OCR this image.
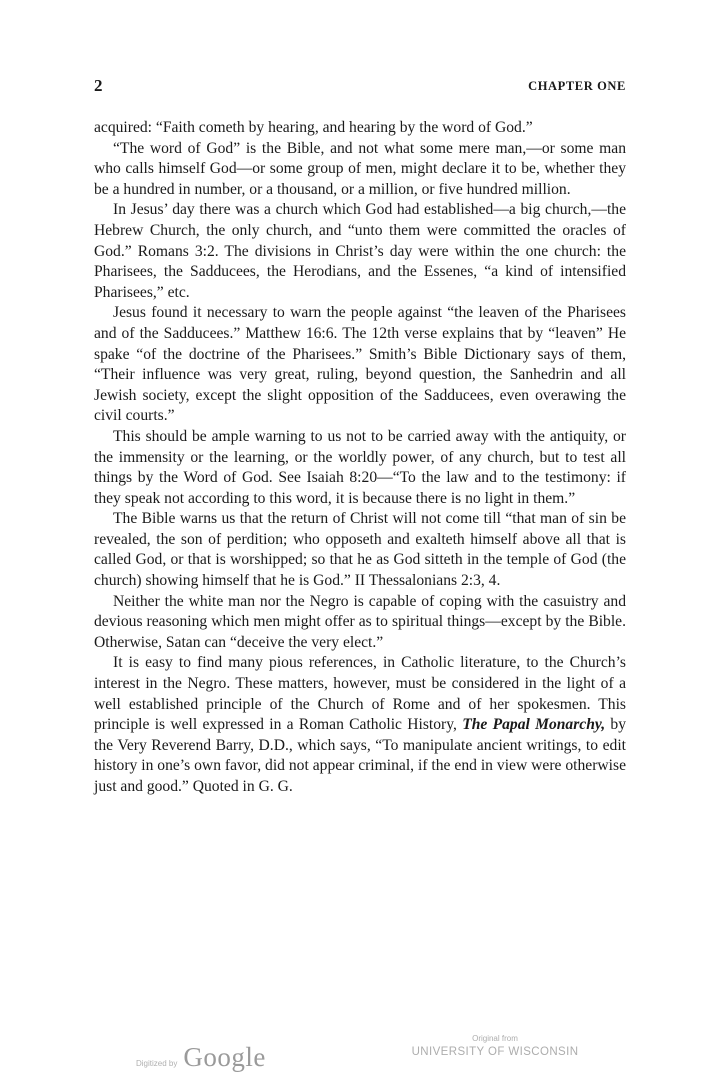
2	CHAPTER ONE

acquired: “Faith cometh by hearing, and hearing by the word of God.”

“The word of God” is the Bible, and not what some mere man,—or some man who calls himself God—or some group of men, might declare it to be, whether they be a hundred in number, or a thousand, or a million, or five hundred million.

In Jesus’ day there was a church which God had established—a big church,—the Hebrew Church, the only church, and “unto them were committed the oracles of God.” Romans 3:2. The divisions in Christ’s day were within the one church: the Pharisees, the Sadducees, the Herodians, and the Essenes, “a kind of intensified Pharisees,” etc.

Jesus found it necessary to warn the people against “the leaven of the Pharisees and of the Sadducees.” Matthew 16:6. The 12th verse explains that by “leaven” He spake “of the doctrine of the Pharisees.” Smith’s Bible Dictionary says of them, “Their influence was very great, ruling, beyond question, the Sanhedrin and all Jewish society, except the slight opposition of the Sadducees, even overawing the civil courts.”

This should be ample warning to us not to be carried away with the antiquity, or the immensity or the learning, or the worldly power, of any church, but to test all things by the Word of God. See Isaiah 8:20—“To the law and to the testimony: if they speak not according to this word, it is because there is no light in them.”

The Bible warns us that the return of Christ will not come till “that man of sin be revealed, the son of perdition; who opposeth and exalteth himself above all that is called God, or that is worshipped; so that he as God sitteth in the temple of God (the church) showing himself that he is God.” II Thessalonians 2:3, 4.

Neither the white man nor the Negro is capable of coping with the casuistry and devious reasoning which men might offer as to spiritual things—except by the Bible. Otherwise, Satan can “deceive the very elect.”

It is easy to find many pious references, in Catholic literature, to the Church’s interest in the Negro. These matters, however, must be considered in the light of a well established principle of the Church of Rome and of her spokesmen. This principle is well expressed in a Roman Catholic History, The Papal Monarchy, by the Very Reverend Barry, D.D., which says, “To manipulate ancient writings, to edit history in one’s own favor, did not appear criminal, if the end in view were otherwise just and good.” Quoted in G. G.

Digitized by Google
Original from
UNIVERSITY OF WISCONSIN
